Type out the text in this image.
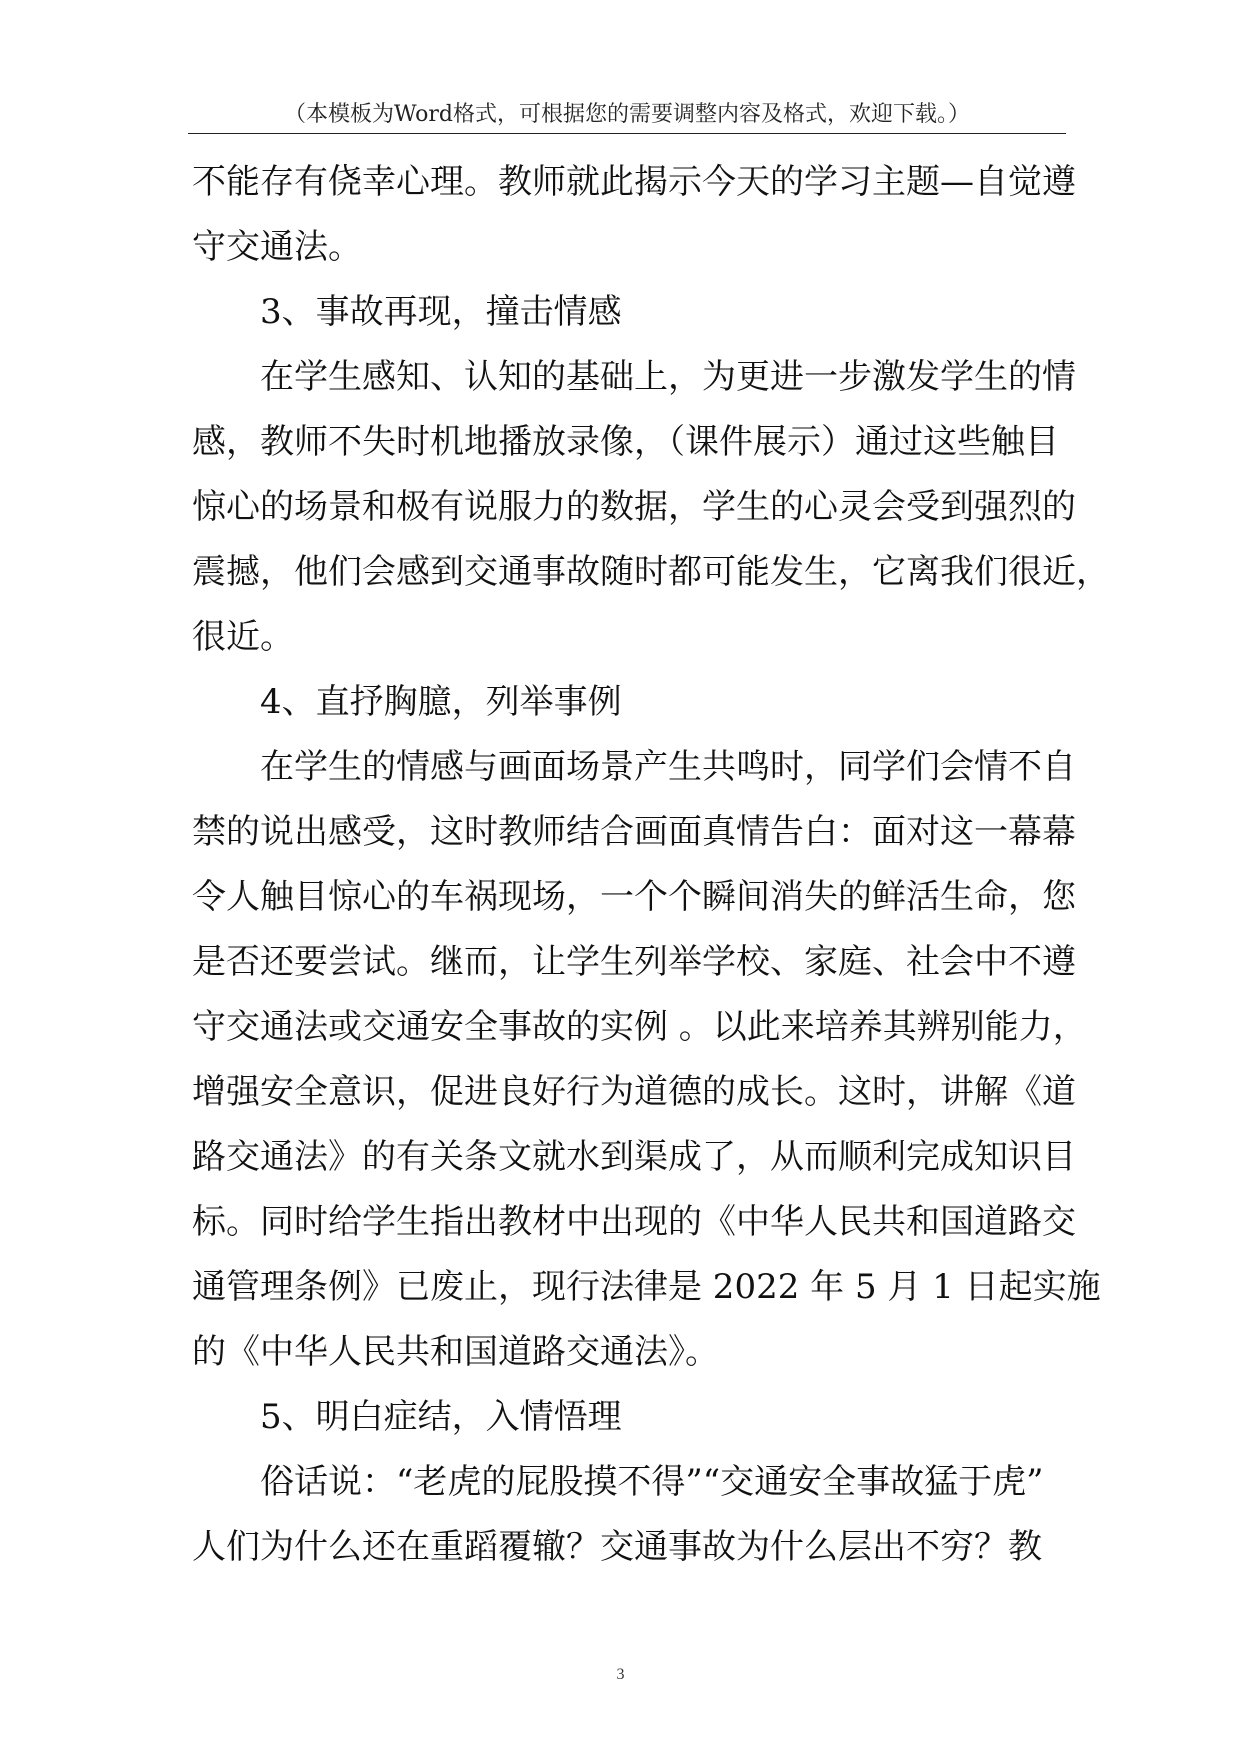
（本模板为Word格式，可根据您的需要调整内容及格式，欢迎下载。）
不能存有侥幸心理。教师就此揭示今天的学习主题—自觉遵
守交通法。
3、事故再现，撞击情感
在学生感知、认知的基础上，为更进一步激发学生的情
感，教师不失时机地播放录像，（课件展示）通过这些触目
惊心的场景和极有说服力的数据，学生的心灵会受到强烈的
震撼，他们会感到交通事故随时都可能发生，它离我们很近，
很近。
4、直抒胸臆，列举事例
在学生的情感与画面场景产生共鸣时，同学们会情不自
禁的说出感受，这时教师结合画面真情告白：面对这一幕幕
令人触目惊心的车祸现场，一个个瞬间消失的鲜活生命，您
是否还要尝试。继而，让学生列举学校、家庭、社会中不遵
守交通法或交通安全事故的实例 。以此来培养其辨别能力，
增强安全意识，促进良好行为道德的成长。这时，讲解《道
路交通法》的有关条文就水到渠成了，从而顺利完成知识目
标。同时给学生指出教材中出现的《中华人民共和国道路交
通管理条例》已废止，现行法律是 2022 年 5 月 1 日起实施
的《中华人民共和国道路交通法》。
5、明白症结，入情悟理
俗话说：“老虎的屁股摸不得”“交通安全事故猛于虎”
人们为什么还在重蹈覆辙？交通事故为什么层出不穷？教
3
